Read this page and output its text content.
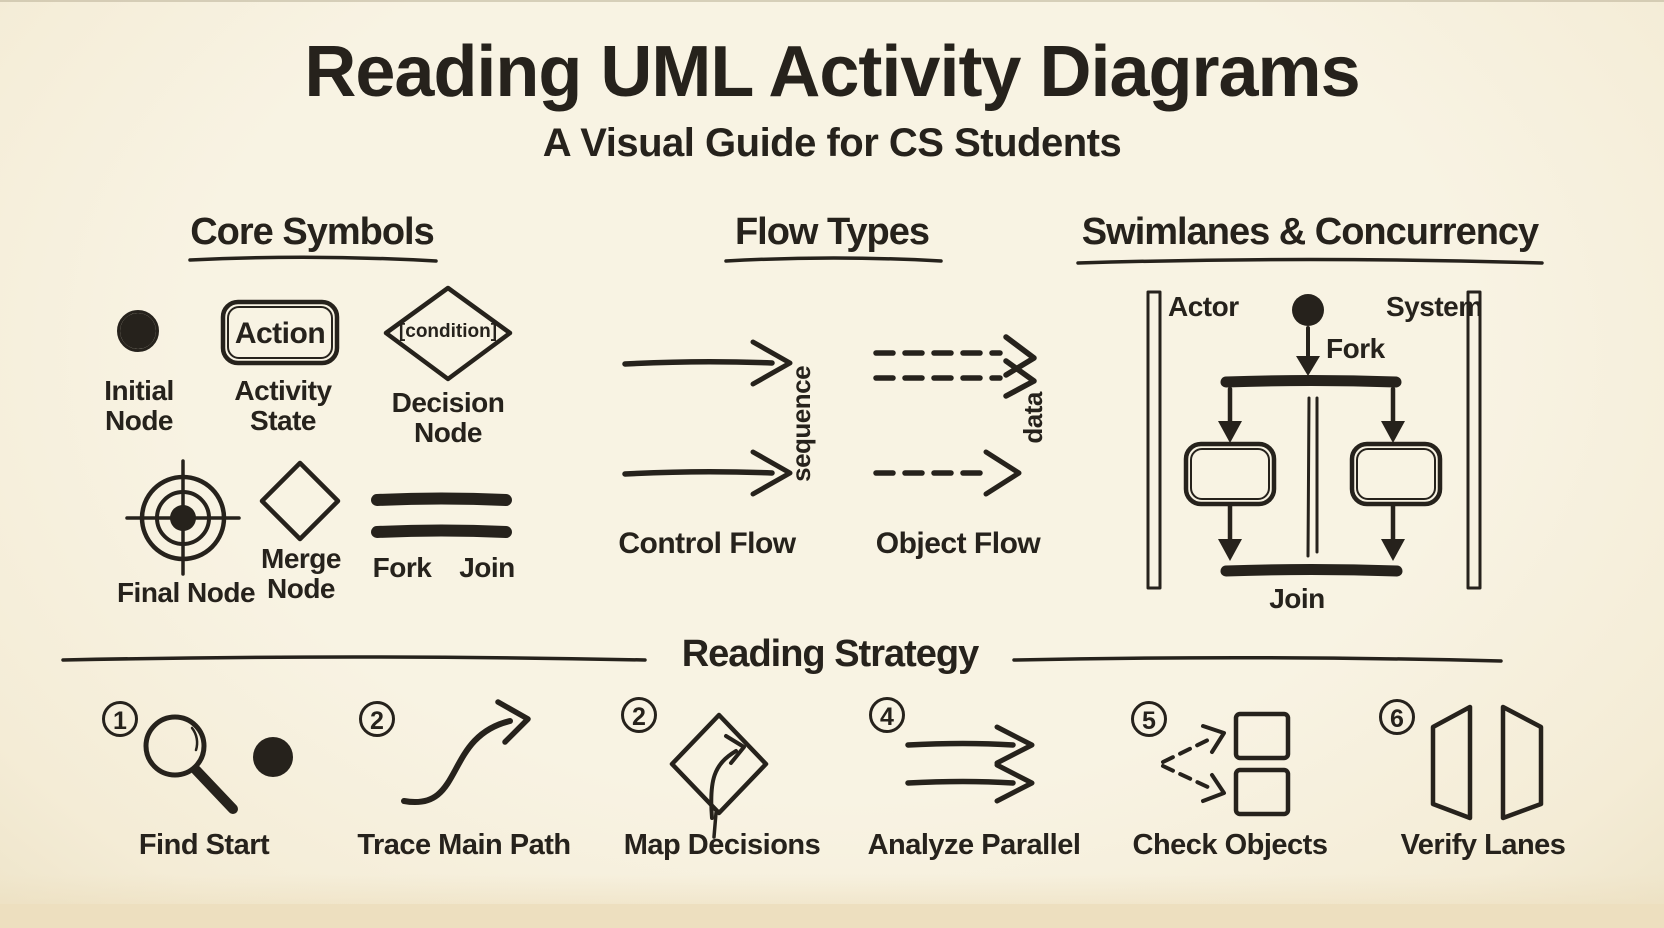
Reading UML Activity Diagrams
A Visual Guide for CS Students
Core Symbols	Flow Types	Swimlanes & Concurrency
Action	[condition]
Initial Node
Activity State
Decision Node
Final Node
Merge Node
Fork Join
sequence	data
Control Flow	Object Flow
Actor	System
Fork
Join
Reading Strategy
1	2	2	4	5	6
Find Start	Trace Main Path	Map Decisions	Analyze Parallel	Check Objects	Verify Lanes
